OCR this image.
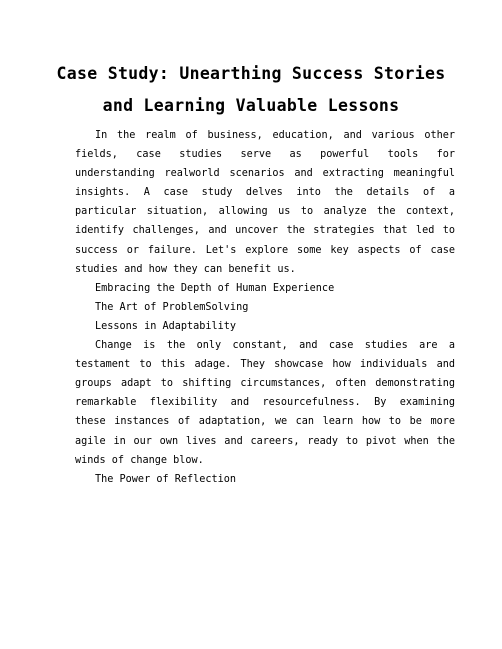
Case Study: Unearthing Success Stories
and Learning Valuable Lessons

In the realm of business, education, and various other fields, case studies serve as powerful tools for understanding realworld scenarios and extracting meaningful insights. A case study delves into the details of a particular situation, allowing us to analyze the context, identify challenges, and uncover the strategies that led to success or failure. Let's explore some key aspects of case studies and how they can benefit us.

Embracing the Depth of Human Experience

The Art of ProblemSolving

Lessons in Adaptability

Change is the only constant, and case studies are a testament to this adage. They showcase how individuals and groups adapt to shifting circumstances, often demonstrating remarkable flexibility and resourcefulness. By examining these instances of adaptation, we can learn how to be more agile in our own lives and careers, ready to pivot when the winds of change blow.

The Power of Reflection
